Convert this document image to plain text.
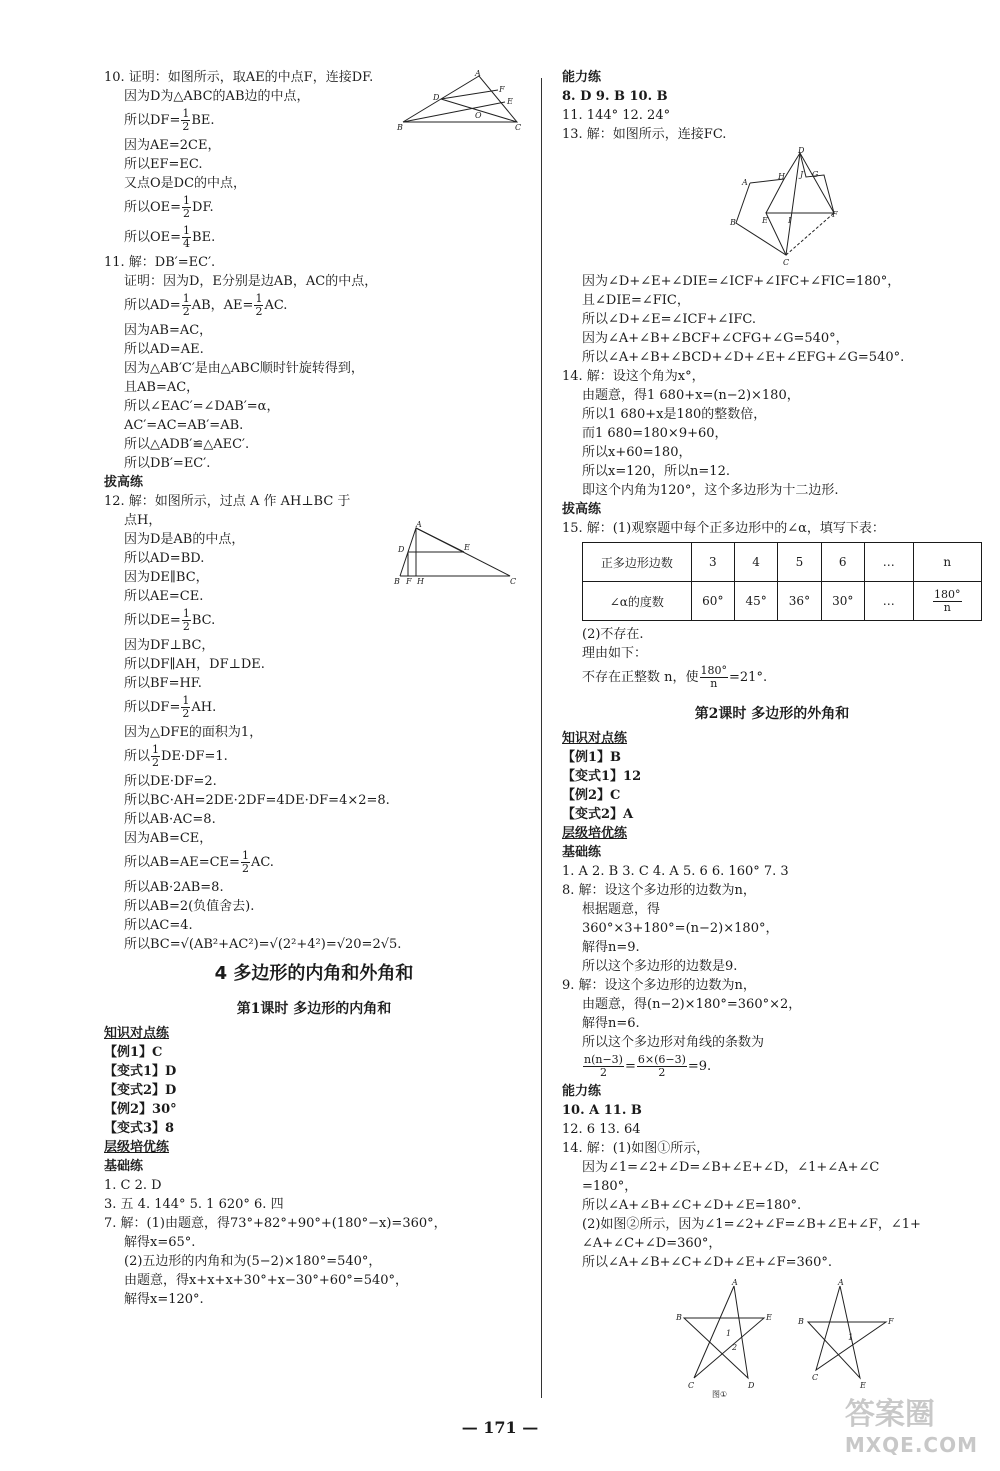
10. 证明：如图所示，取AE的中点F，连接DF.
因为D为△ABC的AB边的中点，
所以$DF= \frac{1}{2}$ BE.
因为AE=2CE，
所以EF=EC.
又点O是DC的中点，
所以$OE= \frac{1}{2}$ DF.
所以$OE= \frac{1}{4}$ BE.
11. 解：DB′=EC′.
证明：因为D，E分别是边AB，AC的中点，
所以$AD= \frac{1}{2}$ AB，$AE= \frac{1}{2}$ AC.
因为AB=AC，
所以AD=AE.
因为△AB′C′是由△ABC顺时针旋转得到，
且AB=AC，
所以∠EAC′=∠DAB′=α，
AC′=AC=AB′=AB.
所以△ADB′≌△AEC′.
所以DB′=EC′.
拔高练
12. 解：如图所示，过点 A 作 AH⊥BC 于
点H，
因为D是AB的中点，
所以AD=BD.
因为DE∥BC，
所以AE=CE.
所以$DE= \frac{1}{2}$ BC.
因为DF⊥BC，
所以DF∥AH，DF⊥DE.
所以BF=HF.
所以$DF= \frac{1}{2}$ AH.
因为△DFE的面积为1，
所以 $\frac{1}{2} DE\cdot DF=1$.
所以DE·DF=2.
所以BC·AH=2DE·2DF=4DE·DF=4×2=8.
所以AB·AC=8.
因为AB=CE，
所以$AB=AE=CE= \frac{1}{2}$ AC.
所以AB·2AB=8.
所以AB=2(负值舍去).
所以AC=4.
所以BC=√(AB²+AC²)=√(2²+4²)=√20=2√5.
4 多边形的内角和外角和
第1课时 多边形的内角和
知识对点练
【例1】C
【变式1】D
【变式2】D
【例2】30°
【变式3】8
层级培优练
基础练
1. C 2. D
3. 五 4. 144° 5. 1 620° 6. 四
7. 解：(1)由题意，得73°+82°+90°+(180°−x)=360°，
解得x=65°.
(2)五边形的内角和为(5−2)×180°=540°，
由题意，得x+x+x+30°+x−30°+60°=540°，
解得x=120°.
能力练
8. D 9. B 10. B
11. 144° 12. 24°
13. 解：如图所示，连接FC.
因为∠D+∠E+∠DIE=∠ICF+∠IFC+∠FIC=180°，
且∠DIE=∠FIC，
所以∠D+∠E=∠ICF+∠IFC.
因为∠A+∠B+∠BCF+∠CFG+∠G=540°，
所以∠A+∠B+∠BCD+∠D+∠E+∠EFG+∠G=540°.
14. 解：设这个角为x°，
由题意，得1 680+x=(n−2)×180，
所以1 680+x是180的整数倍，
而1 680=180×9+60，
所以x+60=180，
所以x=120，所以n=12.
即这个内角为120°，这个多边形为十二边形.
拔高练
15. 解：(1)观察题中每个正多边形中的∠α，填写下表：
正多边形边数	3	4	5	6	…	n
∠α的度数	60°	45°	36°	30°	…	$\frac{180^\circ}{n}$
(2)不存在.
理由如下：
不存在正整数 n，使 $\frac{180^\circ}{n} =21^\circ$.
第2课时 多边形的外角和
知识对点练
【例1】B
【变式1】12
【例2】C
【变式2】A
层级培优练
基础练
1. A 2. B 3. C 4. A 5. 6 6. 160° 7. 3
8. 解：设这个多边形的边数为n，
根据题意，得
360°×3+180°=(n−2)×180°，
解得n=9.
所以这个多边形的边数是9.
9. 解：设这个多边形的边数为n，
由题意，得(n−2)×180°=360°×2，
解得n=6.
所以这个多边形对角线的条数为
$\frac{n(n-3)}{2} = \frac{6\times(6-3)}{2} =9$.
能力练
10. A 11. B
12. 6 13. 64
14. 解：(1)如图①所示，
因为∠1=∠2+∠D=∠B+∠E+∠D，∠1+∠A+∠C
=180°，
所以∠A+∠B+∠C+∠D+∠E=180°.
(2)如图②所示，因为∠1=∠2+∠F=∠B+∠E+∠F，∠1+
∠A+∠C+∠D=360°，
所以∠A+∠B+∠C+∠D+∠E+∠F=360°.
A
D	E
F
O
B	C
A
D	E
B F H	C
D
A
H J G
B	E	I
F
C
A
B	E
C	D
1
2
A
B	F
C
E
1
图①
— 171 —	答案圈
MXQE.COM
